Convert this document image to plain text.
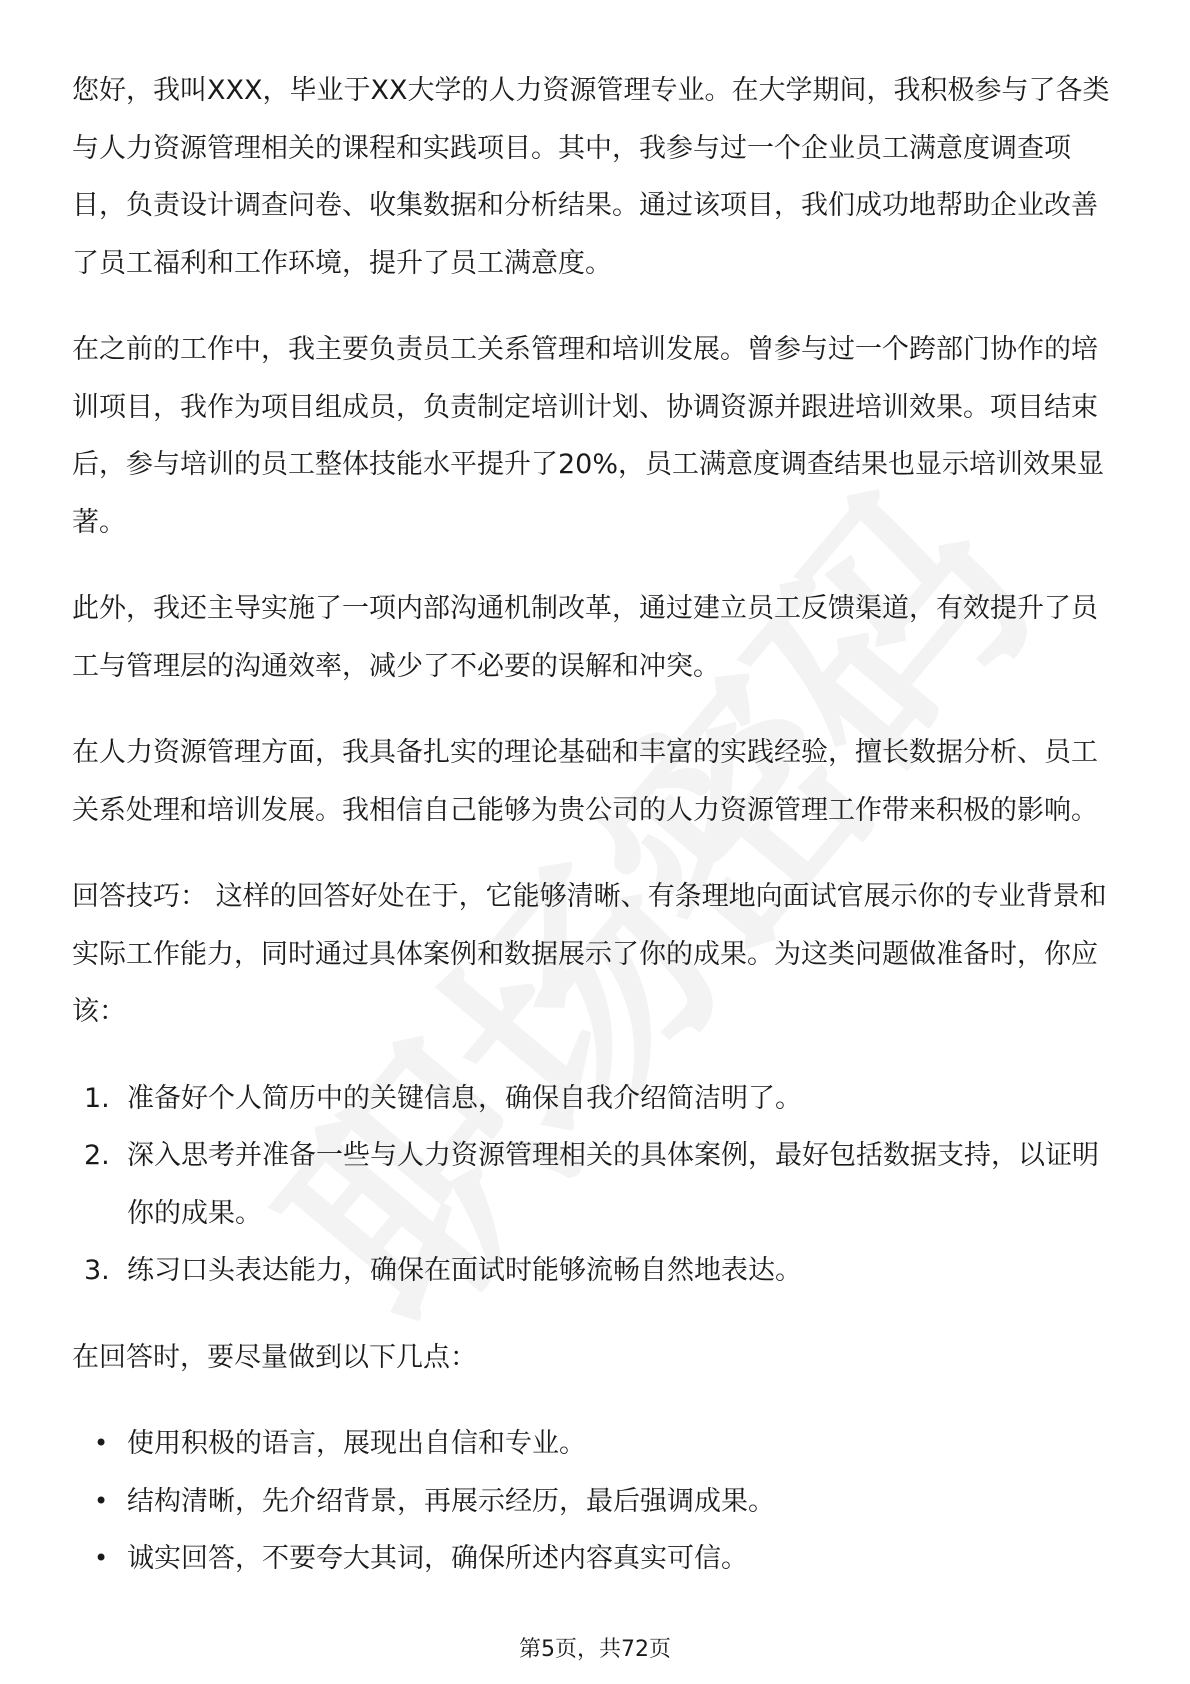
您好，我叫XXX，毕业于XX大学的人力资源管理专业。在大学期间，我积极参与了各类与人力资源管理相关的课程和实践项目。其中，我参与过一个企业员工满意度调查项目，负责设计调查问卷、收集数据和分析结果。通过该项目，我们成功地帮助企业改善了员工福利和工作环境，提升了员工满意度。

在之前的工作中，我主要负责员工关系管理和培训发展。曾参与过一个跨部门协作的培训项目，我作为项目组成员，负责制定培训计划、协调资源并跟进培训效果。项目结束后，参与培训的员工整体技能水平提升了20%，员工满意度调查结果也显示培训效果显著。

此外，我还主导实施了一项内部沟通机制改革，通过建立员工反馈渠道，有效提升了员工与管理层的沟通效率，减少了不必要的误解和冲突。

在人力资源管理方面，我具备扎实的理论基础和丰富的实践经验，擅长数据分析、员工关系处理和培训发展。我相信自己能够为贵公司的人力资源管理工作带来积极的影响。

回答技巧： 这样的回答好处在于，它能够清晰、有条理地向面试官展示你的专业背景和实际工作能力，同时通过具体案例和数据展示了你的成果。为这类问题做准备时，你应该：

1. 准备好个人简历中的关键信息，确保自我介绍简洁明了。
2. 深入思考并准备一些与人力资源管理相关的具体案例，最好包括数据支持，以证明你的成果。
3. 练习口头表达能力，确保在面试时能够流畅自然地表达。

在回答时，要尽量做到以下几点：

• 使用积极的语言，展现出自信和专业。
• 结构清晰，先介绍背景，再展示经历，最后强调成果。
• 诚实回答，不要夸大其词，确保所述内容真实可信。
第5页，共72页
